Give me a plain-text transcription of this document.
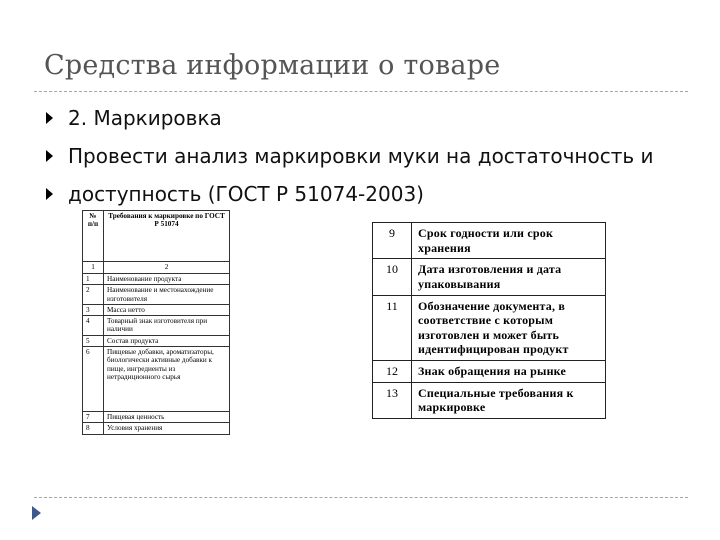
Средства информации о товаре
2. Маркировка
Провести анализ маркировки муки на достаточность и
доступность (ГОСТ Р 51074-2003)
№ п/п	Требования к маркировке по ГОСТ Р 51074
1	2
1	Наименование продукта
2	Наименование и местонахождение изготовителя
3	Масса нетто
4	Товарный знак изготовителя при наличии
5	Состав продукта
6	Пищевые добавки, ароматизаторы, биологически активные добавки к пище, ингредиенты из нетрадиционного сырья
7	Пищевая ценность
8	Условия хранения
9	Срок годности или срок хранения
10	Дата изготовления и дата упаковывания
11	Обозначение документа, в соответствие с которым изготовлен и может быть идентифицирован продукт
12	Знак обращения на рынке
13	Специальные требования к маркировке
